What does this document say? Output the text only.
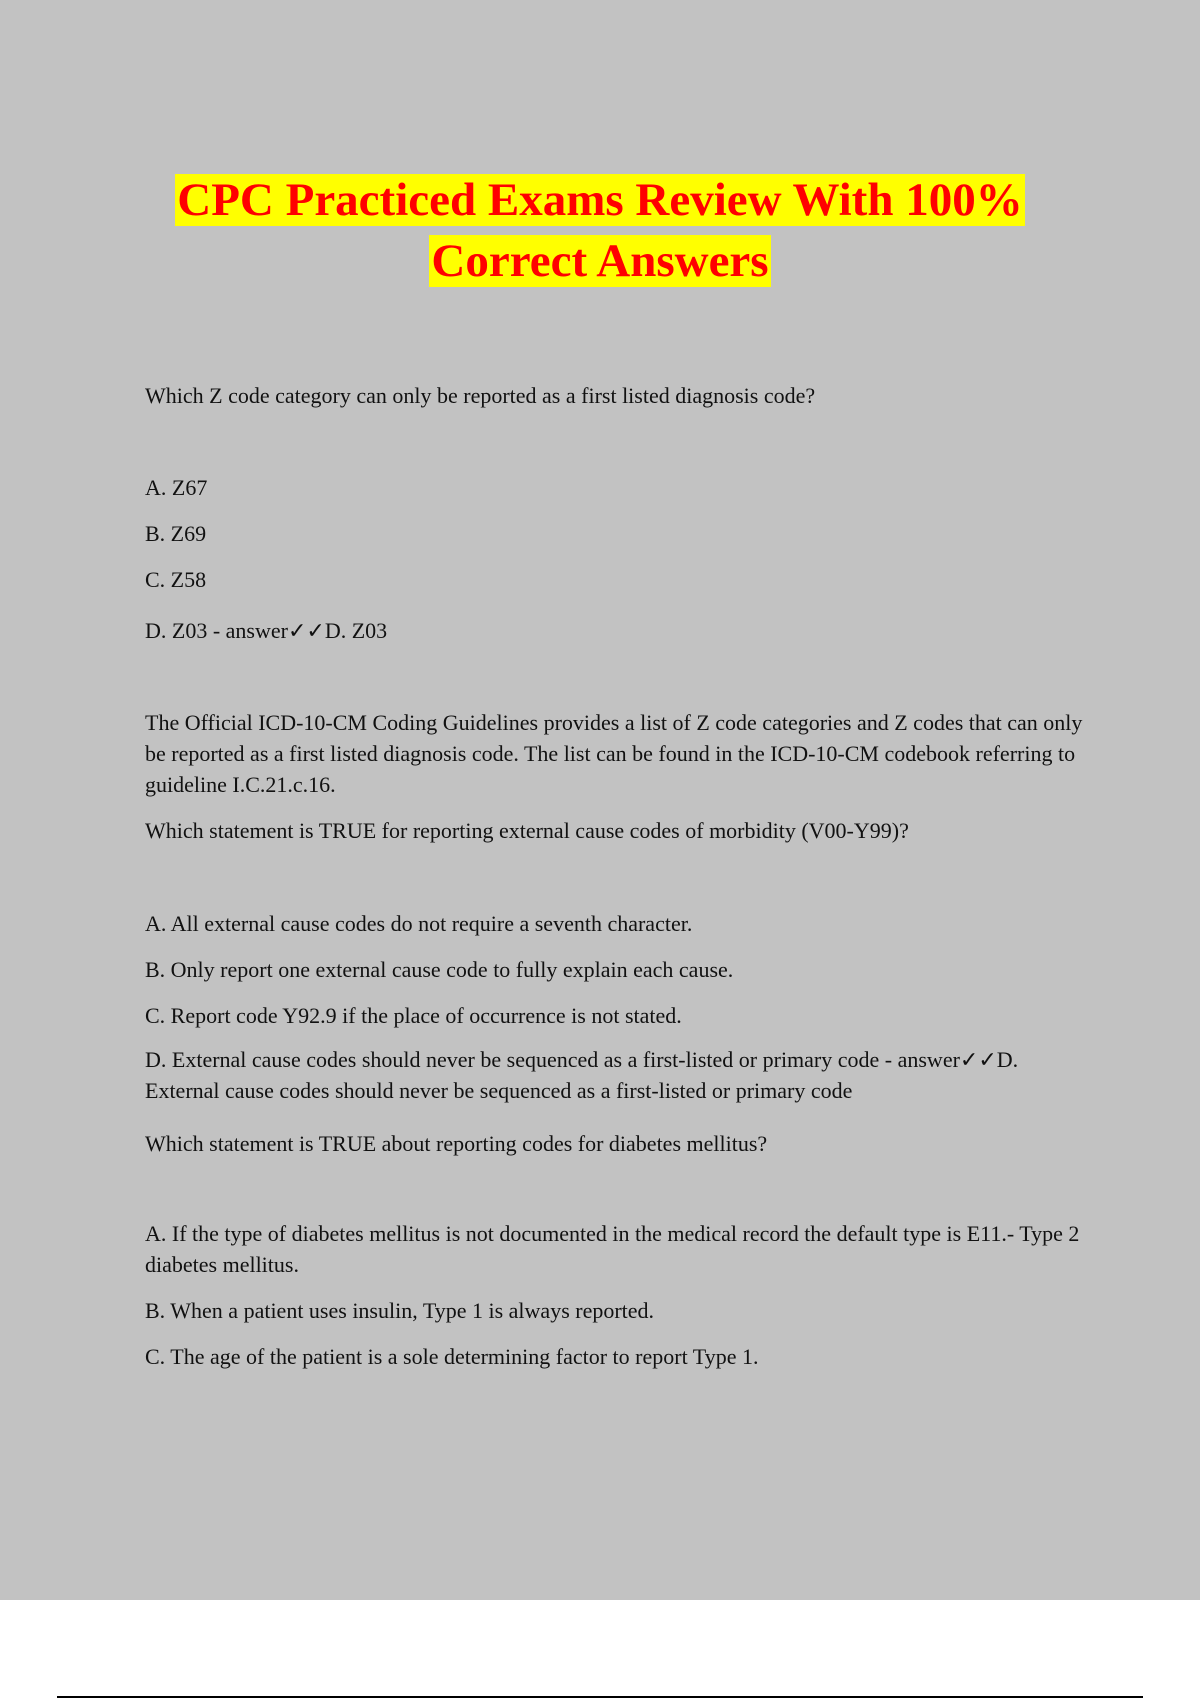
CPC Practiced Exams Review With 100%
Correct Answers

Which Z code category can only be reported as a first listed diagnosis code?

A. Z67

B. Z69

C. Z58

D. Z03 - answer✓✓D. Z03

The Official ICD-10-CM Coding Guidelines provides a list of Z code categories and Z codes that can only be reported as a first listed diagnosis code. The list can be found in the ICD-10-CM codebook referring to guideline I.C.21.c.16.

Which statement is TRUE for reporting external cause codes of morbidity (V00-Y99)?

A. All external cause codes do not require a seventh character.

B. Only report one external cause code to fully explain each cause.

C. Report code Y92.9 if the place of occurrence is not stated.

D. External cause codes should never be sequenced as a first-listed or primary code - answer✓✓D. External cause codes should never be sequenced as a first-listed or primary code

Which statement is TRUE about reporting codes for diabetes mellitus?

A. If the type of diabetes mellitus is not documented in the medical record the default type is E11.- Type 2 diabetes mellitus.

B. When a patient uses insulin, Type 1 is always reported.

C. The age of the patient is a sole determining factor to report Type 1.
